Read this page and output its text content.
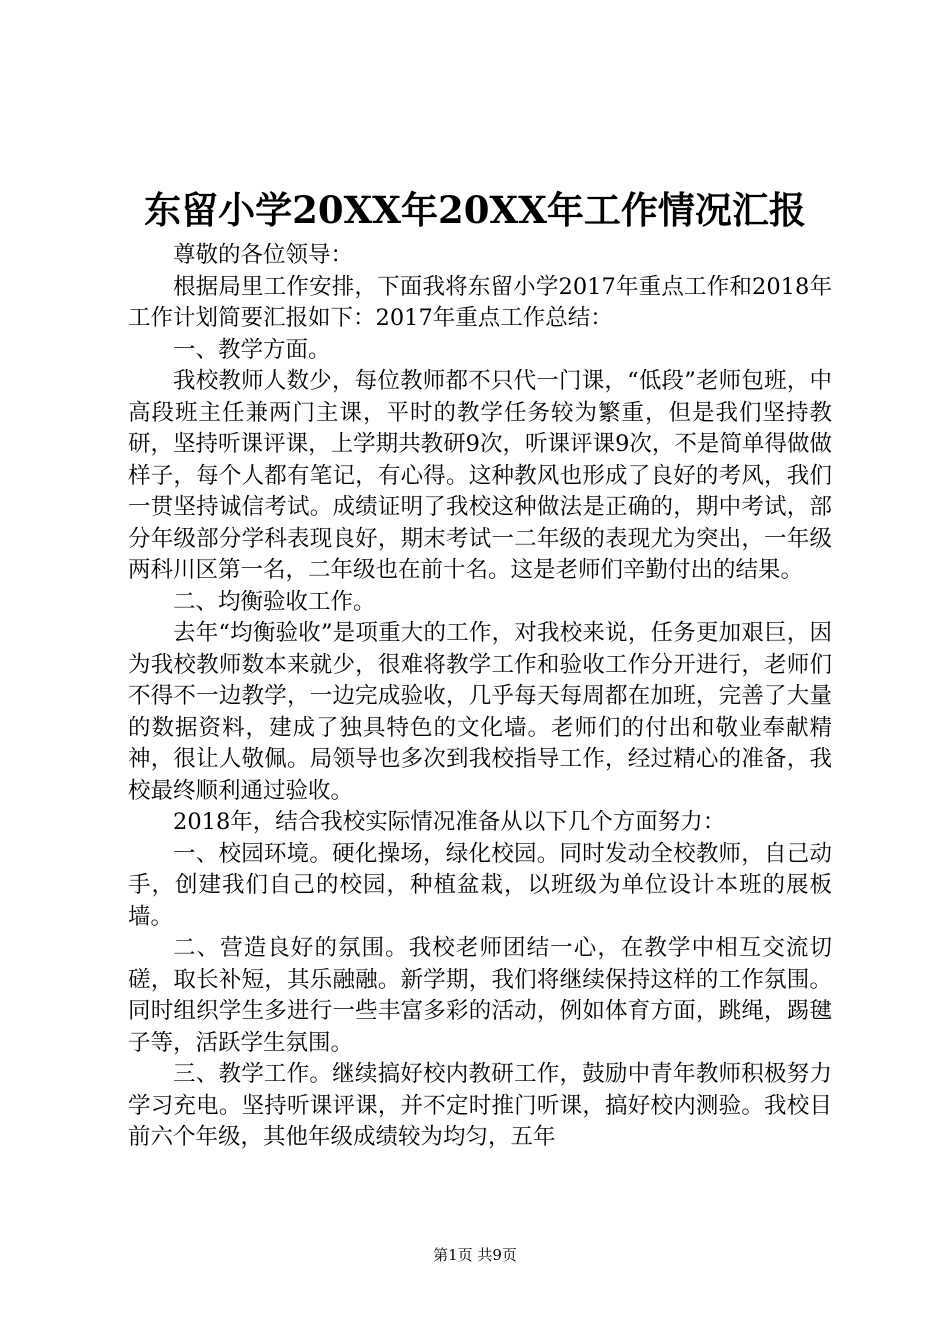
东留小学20XX年20XX年工作情况汇报

尊敬的各位领导：

根据局里工作安排，下面我将东留小学2017年重点工作和2018年工作计划简要汇报如下：2017年重点工作总结：

一、教学方面。

我校教师人数少，每位教师都不只代一门课，“低段”老师包班，中高段班主任兼两门主课，平时的教学任务较为繁重，但是我们坚持教研，坚持听课评课，上学期共教研9次，听课评课9次，不是简单得做做样子，每个人都有笔记，有心得。这种教风也形成了良好的考风，我们一贯坚持诚信考试。成绩证明了我校这种做法是正确的，期中考试，部分年级部分学科表现良好，期末考试一二年级的表现尤为突出，一年级两科川区第一名，二年级也在前十名。这是老师们辛勤付出的结果。

二、均衡验收工作。

去年“均衡验收”是项重大的工作，对我校来说，任务更加艰巨，因为我校教师数本来就少，很难将教学工作和验收工作分开进行，老师们不得不一边教学，一边完成验收，几乎每天每周都在加班，完善了大量的数据资料，建成了独具特色的文化墙。老师们的付出和敬业奉献精神，很让人敬佩。局领导也多次到我校指导工作，经过精心的准备，我校最终顺利通过验收。

2018年，结合我校实际情况准备从以下几个方面努力：

一、校园环境。硬化操场，绿化校园。同时发动全校教师，自己动手，创建我们自己的校园，种植盆栽，以班级为单位设计本班的展板墙。

二、营造良好的氛围。我校老师团结一心，在教学中相互交流切磋，取长补短，其乐融融。新学期，我们将继续保持这样的工作氛围。同时组织学生多进行一些丰富多彩的活动，例如体育方面，跳绳，踢毽子等，活跃学生氛围。

三、教学工作。继续搞好校内教研工作，鼓励中青年教师积极努力学习充电。坚持听课评课，并不定时推门听课，搞好校内测验。我校目前六个年级，其他年级成绩较为均匀，五年

第1页 共9页
